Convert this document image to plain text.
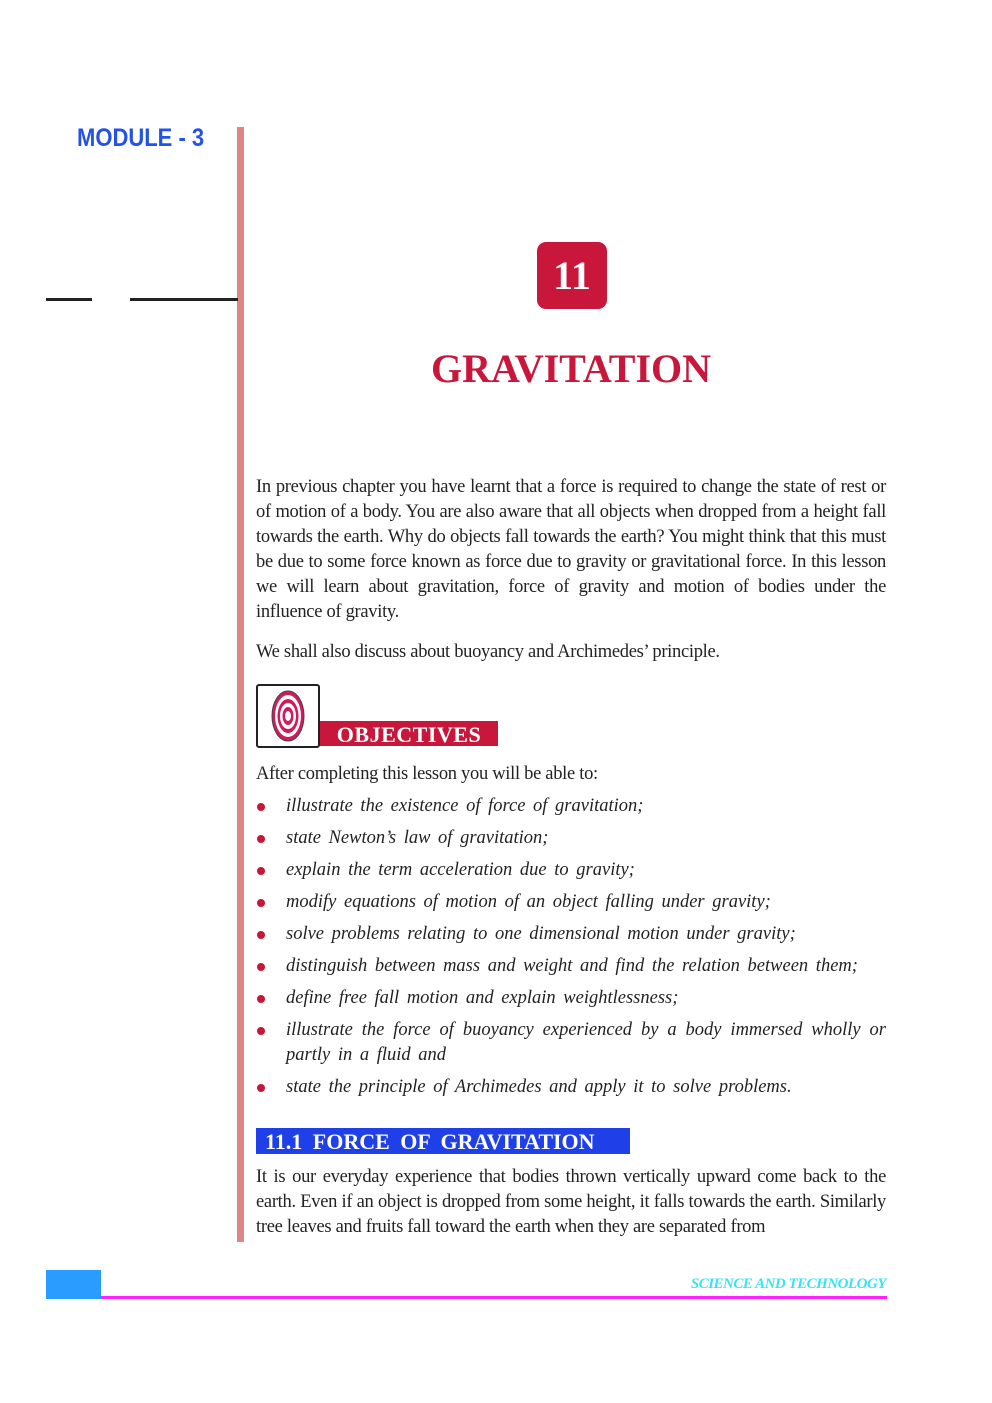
MODULE - 3
11
GRAVITATION
In previous chapter you have learnt that a force is required to change the state of rest or of motion of a body. You are also aware that all objects when dropped from a height fall towards the earth. Why do objects fall towards the earth? You might think that this must be due to some force known as force due to gravity or gravitational force. In this lesson we will learn about gravitation, force of gravity and motion of bodies under the influence of gravity.
We shall also discuss about buoyancy and Archimedes’ principle.
OBJECTIVES
After completing this lesson you will be able to:
illustrate the existence of force of gravitation;
state Newton’s law of gravitation;
explain the term acceleration due to gravity;
modify equations of motion of an object falling under gravity;
solve problems relating to one dimensional motion under gravity;
distinguish between mass and weight and find the relation between them;
define free fall motion and explain weightlessness;
illustrate the force of buoyancy experienced by a body immersed wholly or partly in a fluid and
state the principle of Archimedes and apply it to solve problems.
11.1 FORCE OF GRAVITATION
It is our everyday experience that bodies thrown vertically upward come back to the earth. Even if an object is dropped from some height, it falls towards the earth. Similarly tree leaves and fruits fall toward the earth when they are separated from
SCIENCE AND TECHNOLOGY
